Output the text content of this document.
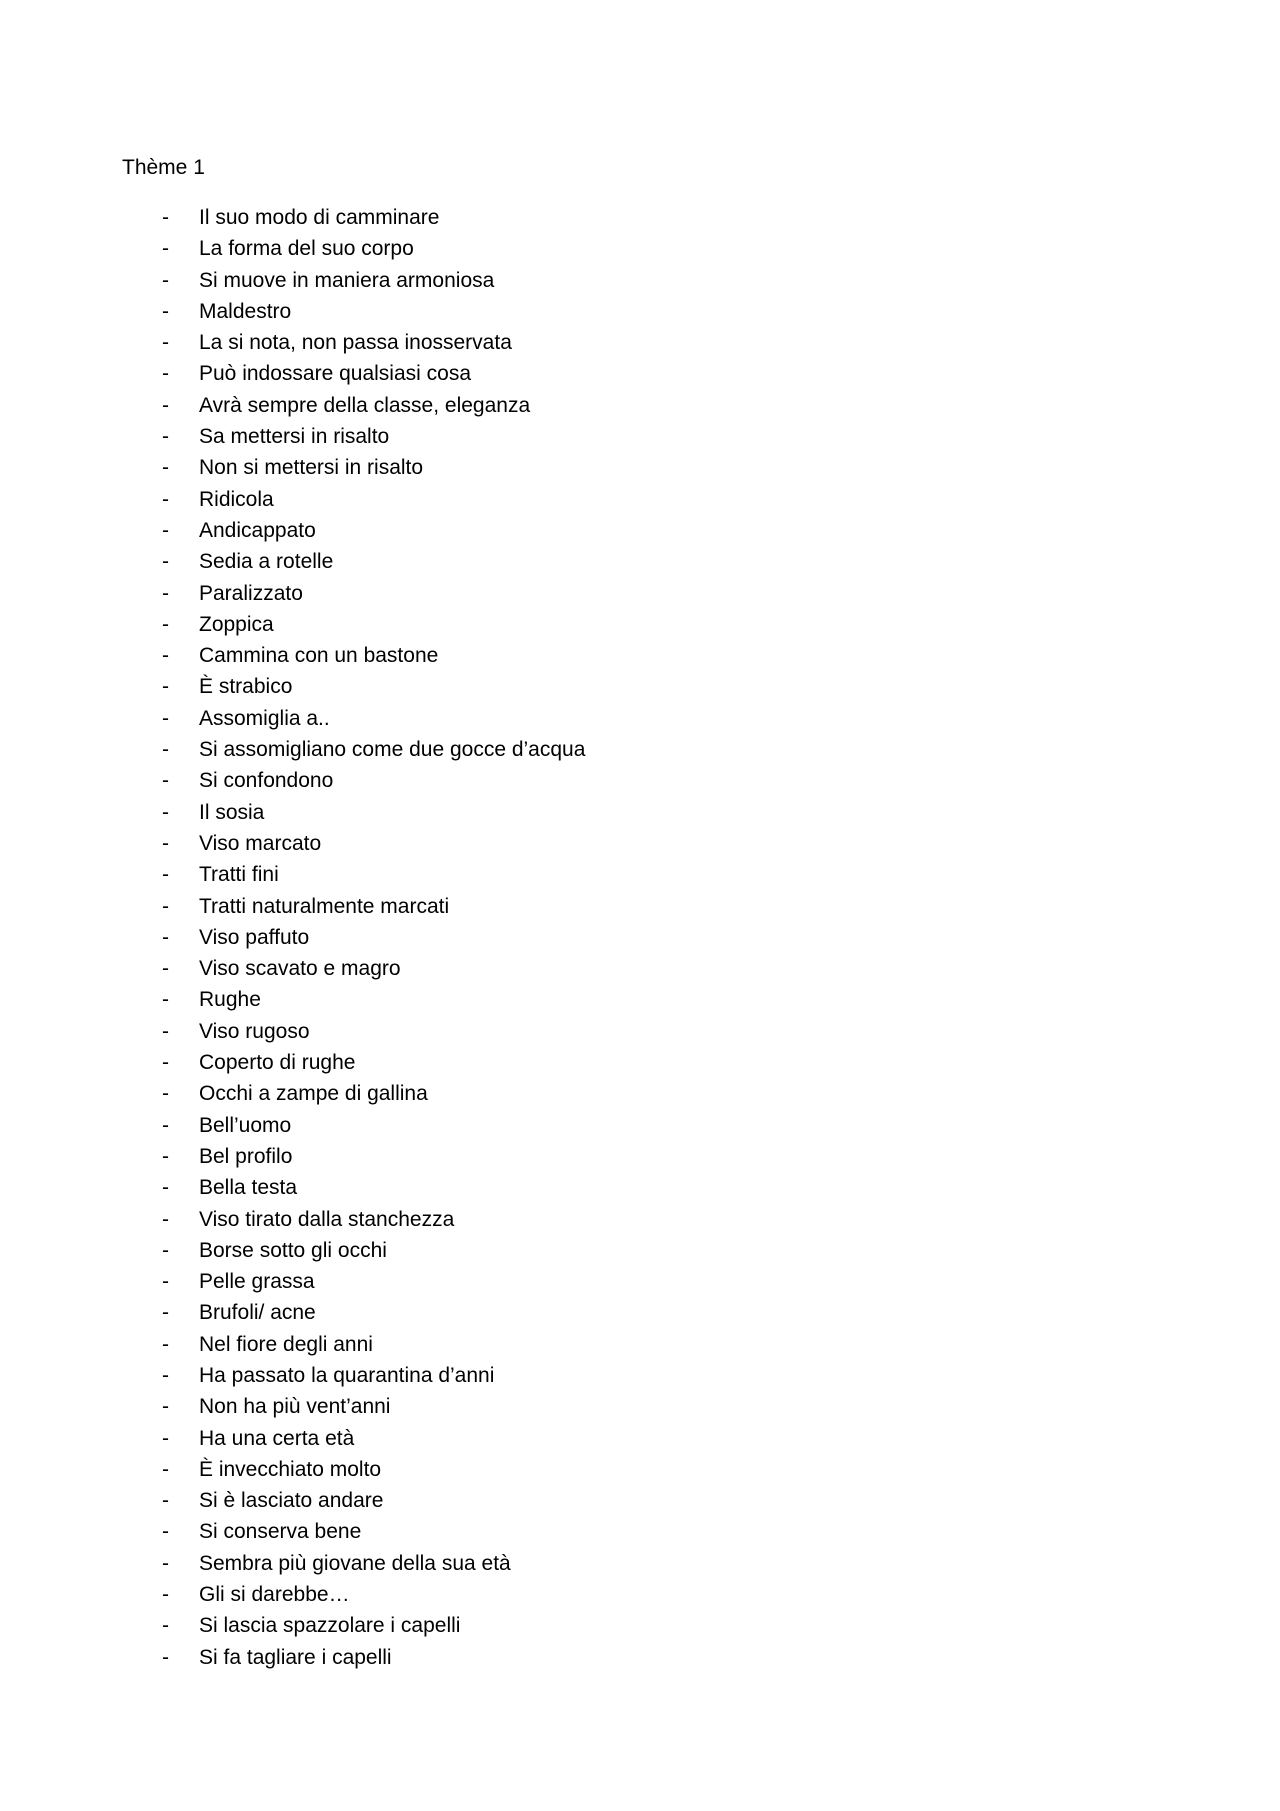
Thème 1
- Il suo modo di camminare
- La forma del suo corpo
- Si muove in maniera armoniosa
- Maldestro
- La si nota, non passa inosservata
- Può indossare qualsiasi cosa
- Avrà sempre della classe, eleganza
- Sa mettersi in risalto
- Non si mettersi in risalto
- Ridicola
- Andicappato
- Sedia a rotelle
- Paralizzato
- Zoppica
- Cammina con un bastone
- È strabico
- Assomiglia a..
- Si assomigliano come due gocce d’acqua
- Si confondono
- Il sosia
- Viso marcato
- Tratti fini
- Tratti naturalmente marcati
- Viso paffuto
- Viso scavato e magro
- Rughe
- Viso rugoso
- Coperto di rughe
- Occhi a zampe di gallina
- Bell’uomo
- Bel profilo
- Bella testa
- Viso tirato dalla stanchezza
- Borse sotto gli occhi
- Pelle grassa
- Brufoli/ acne
- Nel fiore degli anni
- Ha passato la quarantina d’anni
- Non ha più vent’anni
- Ha una certa età
- È invecchiato molto
- Si è lasciato andare
- Si conserva bene
- Sembra più giovane della sua età
- Gli si darebbe…
- Si lascia spazzolare i capelli
- Si fa tagliare i capelli
